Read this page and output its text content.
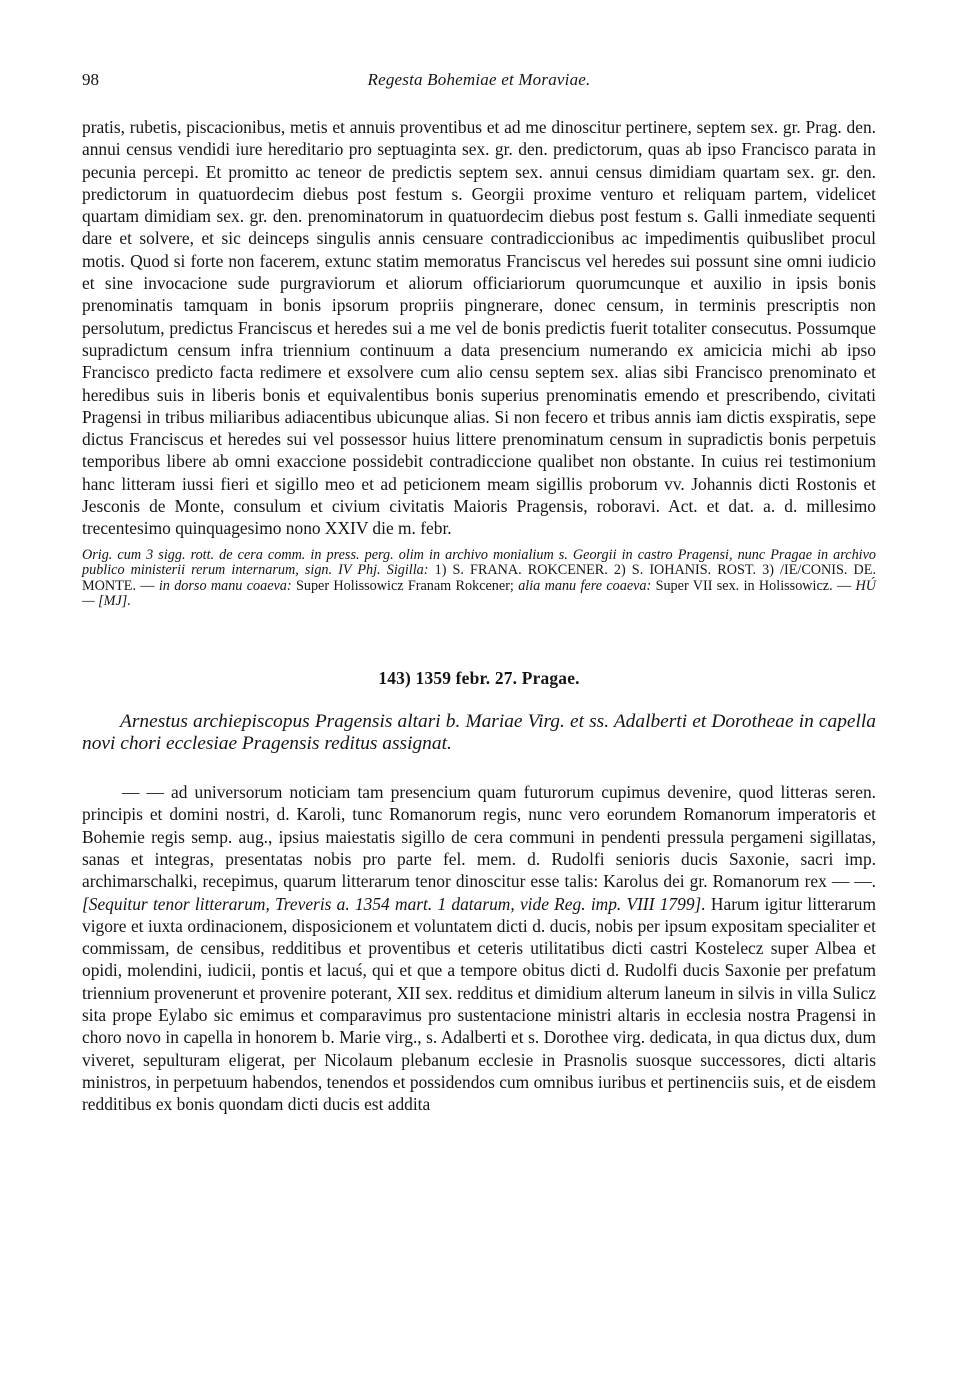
98	Regesta Bohemiae et Moraviae.

pratis, rubetis, piscacionibus, metis et annuis proventibus et ad me dinoscitur pertinere, septem sex. gr. Prag. den. annui census vendidi iure hereditario pro septuaginta sex. gr. den. predictorum, quas ab ipso Francisco parata in pecunia percepi. Et promitto ac teneor de predictis septem sex. annui census dimidiam quartam sex. gr. den. predictorum in quatuordecim diebus post festum s. Georgii proxime venturo et reliquam partem, videlicet quartam dimidiam sex. gr. den. prenominatorum in quatuordecim diebus post festum s. Galli inmediate sequenti dare et solvere, et sic deinceps singulis annis censuare contradiccionibus ac impedimentis quibuslibet procul motis. Quod si forte non facerem, extunc statim memoratus Franciscus vel heredes sui possunt sine omni iudicio et sine invocacione sude purgraviorum et aliorum officiariorum quorumcunque et auxilio in ipsis bonis prenominatis tamquam in bonis ipsorum propriis pingnerare, donec censum, in terminis prescriptis non persolutum, predictus Franciscus et heredes sui a me vel de bonis predictis fuerit totaliter consecutus. Possumque supradictum censum infra triennium continuum a data presencium numerando ex amicicia michi ab ipso Francisco predicto facta redimere et exsolvere cum alio censu septem sex. alias sibi Francisco prenominato et heredibus suis in liberis bonis et equivalentibus bonis superius prenominatis emendo et prescribendo, civitati Pragensi in tribus miliaribus adiacentibus ubicunque alias. Si non fecero et tribus annis iam dictis exspiratis, sepe dictus Franciscus et heredes sui vel possessor huius littere prenominatum censum in supradictis bonis perpetuis temporibus libere ab omni exaccione possidebit contradiccione qualibet non obstante. In cuius rei testimonium hanc litteram iussi fieri et sigillo meo et ad peticionem meam sigillis proborum vv. Johannis dicti Rostonis et Jesconis de Monte, consulum et civium civitatis Maioris Pragensis, roboravi. Act. et dat. a. d. millesimo trecentesimo quinquagesimo nono XXIV die m. febr.

Orig. cum 3 sigg. rott. de cera comm. in press. perg. olim in archivo monialium s. Georgii in castro Pragensi, nunc Pragae in archivo publico ministerii rerum internarum, sign. IV Phj. Sigilla: 1) S. FRANA. ROKCENER. 2) S. IOHANIS. ROST. 3) /IE/CONIS. DE. MONTE. — in dorso manu coaeva: Super Holissowicz Franam Rokcener; alia manu fere coaeva: Super VII sex. in Holissowicz. — HÚ — [MJ].
143) 1359 febr. 27. Pragae.
Arnestus archiepiscopus Pragensis altari b. Mariae Virg. et ss. Adalberti et Dorotheae in capella novi chori ecclesiae Pragensis reditus assignat.

— — ad universorum noticiam tam presencium quam futurorum cupimus devenire, quod litteras seren. principis et domini nostri, d. Karoli, tunc Romanorum regis, nunc vero eorundem Romanorum imperatoris et Bohemie regis semp. aug., ipsius maiestatis sigillo de cera communi in pendenti pressula pergameni sigillatas, sanas et integras, presentatas nobis pro parte fel. mem. d. Rudolfi senioris ducis Saxonie, sacri imp. archimarschalki, recepimus, quarum litterarum tenor dinoscitur esse talis: Karolus dei gr. Romanorum rex — —. [Sequitur tenor litterarum, Treveris a. 1354 mart. 1 datarum, vide Reg. imp. VIII 1799]. Harum igitur litterarum vigore et iuxta ordinacionem, disposicionem et voluntatem dicti d. ducis, nobis per ipsum expositam specialiter et commissam, de censibus, redditibus et proventibus et ceteris utilitatibus dicti castri Kostelecz super Albea et opidi, molendini, iudicii, pontis et lacuś, qui et que a tempore obitus dicti d. Rudolfi ducis Saxonie per prefatum triennium provenerunt et provenire poterant, XII sex. redditus et dimidium alterum laneum in silvis in villa Sulicz sita prope Eylabo sic emimus et comparavimus pro sustentacione ministri altaris in ecclesia nostra Pragensi in choro novo in capella in honorem b. Marie virg., s. Adalberti et s. Dorothee virg. dedicata, in qua dictus dux, dum viveret, sepulturam eligerat, per Nicolaum plebanum ecclesie in Prasnolis suosque successores, dicti altaris ministros, in perpetuum habendos, tenendos et possidendos cum omnibus iuribus et pertinenciis suis, et de eisdem redditibus ex bonis quondam dicti ducis est addita
